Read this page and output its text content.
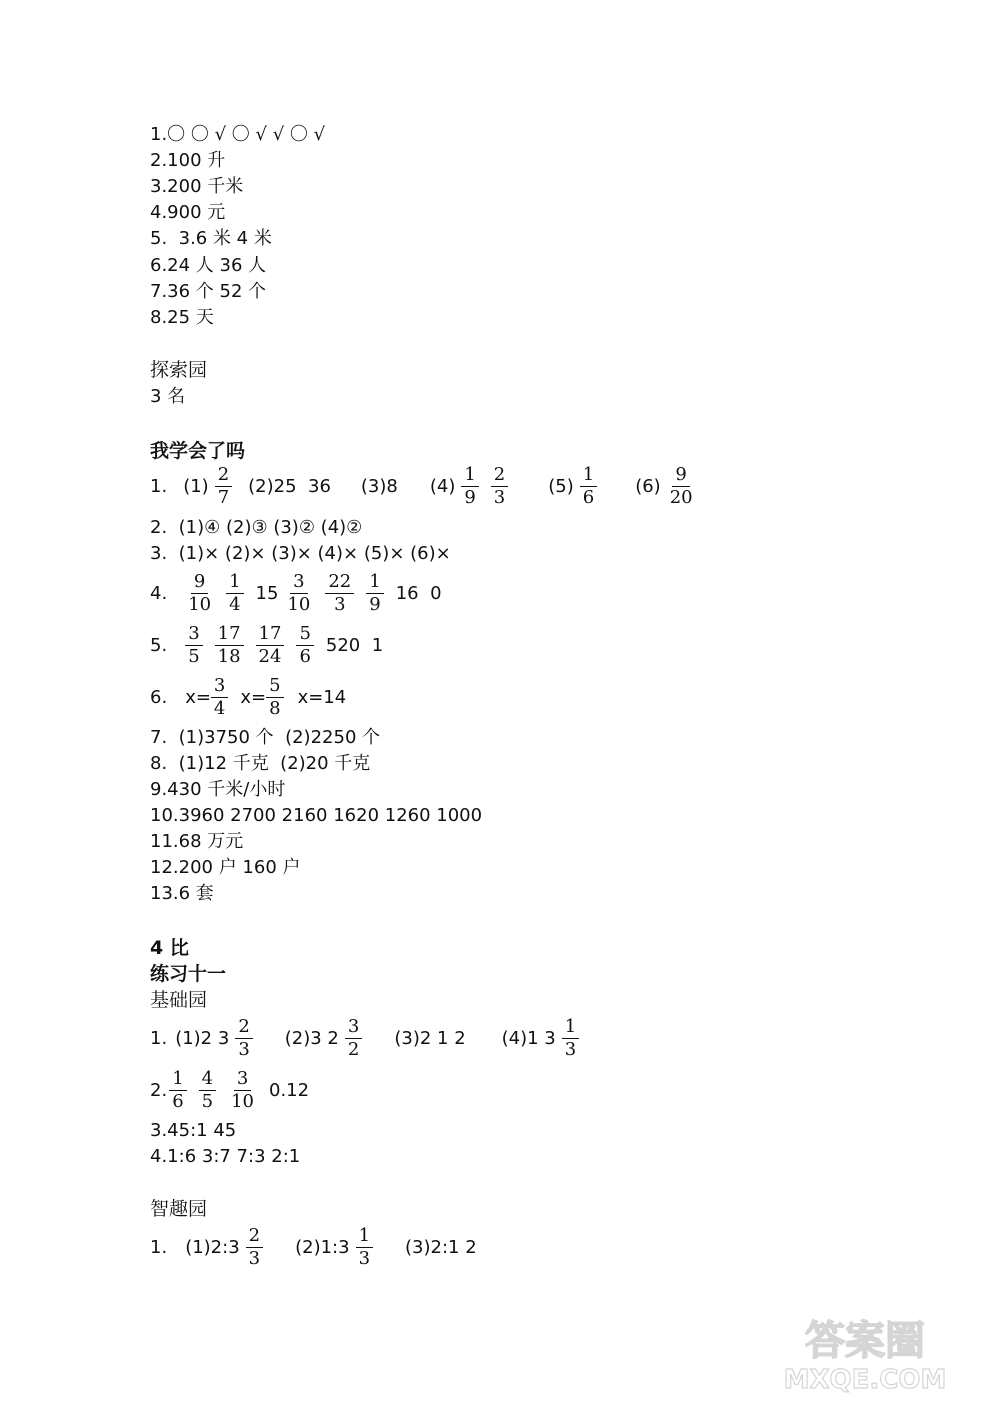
1.〇 〇 √ 〇 √ √ 〇 √
2.100 升
3.200 千米
4.900 元
5.  3.6 米 4 米
6.24 人 36 人
7.36 个 52 个
8.25 天
探索园
3 名
我学会了吗
1. $(1) \frac{2}{7} (2)25$  36 (3)8 $(4) \frac{1}{9} \frac{2}{3} (5) \frac{1}{6} (6) \frac{9}{20}$
2.  (1)④ (2)③ (3)② (4)②
3.  (1)× (2)× (3)× (4)× (5)× (6)×
4. $\frac{9}{10} \frac{1}{4} 15 \frac{3}{10} \frac{22}{3} \frac{1}{9} 16$  0
5. $\frac{3}{5} \frac{17}{18} \frac{17}{24} \frac{5}{6} 520$  1
6. $x= \frac{3}{4} x= \frac{5}{8} x=14$
7.  (1)3750 个  (2)2250 个
8.  (1)12 千克  (2)20 千克
9.430 千米/小时
10.3960 2700 2160 1620 1260 1000
11.68 万元
12.200 户 160 户
13.6 套
4 比
练习十一
基础园
1. (1)2 $3 \frac{2}{3} (2)3$ $2 \frac{3}{2} (3)2$ 1 2 (4)1 $3 \frac{1}{3}$
2. $\frac{1}{6} \frac{4}{5} \frac{3}{10} 0.12$
3.45:1 45
4.1:6 3:7 7:3 2:1
智趣园
1. (1)2:3 $\frac{2}{3}$ (2)1:3 $\frac{1}{3}$ (3)2:1 2
答案圈
MXQE.COM
